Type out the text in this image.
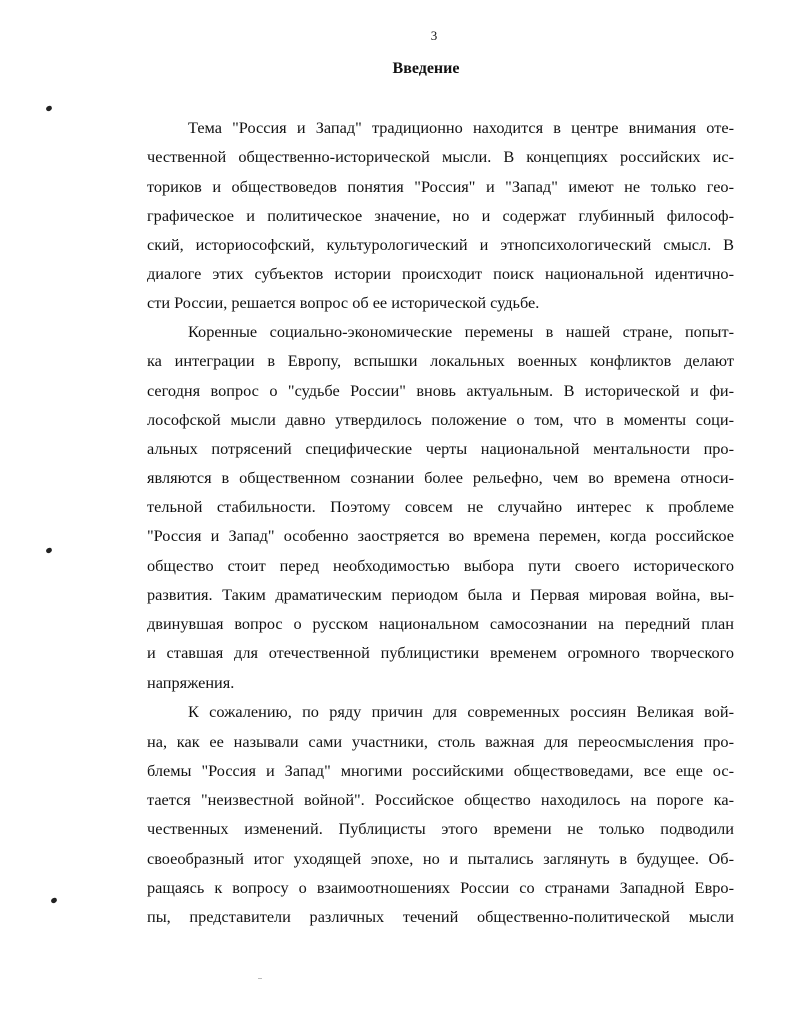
3
Введение
Тема "Россия и Запад" традиционно находится в центре внимания оте-
чественной общественно-исторической мысли. В концепциях российских ис-
ториков и обществоведов понятия "Россия" и "Запад" имеют не только гео-
графическое и политическое значение, но и содержат глубинный философ-
ский, историософский, культурологический и этнопсихологический смысл. В
диалоге этих субъектов истории происходит поиск национальной идентично-
сти России, решается вопрос об ее исторической судьбе.
Коренные социально-экономические перемены в нашей стране, попыт-
ка интеграции в Европу, вспышки локальных военных конфликтов делают
сегодня вопрос о "судьбе России" вновь актуальным. В исторической и фи-
лософской мысли давно утвердилось положение о том, что в моменты соци-
альных потрясений специфические черты национальной ментальности про-
являются в общественном сознании более рельефно, чем во времена относи-
тельной стабильности. Поэтому совсем не случайно интерес к проблеме
"Россия и Запад" особенно заостряется во времена перемен, когда российское
общество стоит перед необходимостью выбора пути своего исторического
развития. Таким драматическим периодом была и Первая мировая война, вы-
двинувшая вопрос о русском национальном самосознании на передний план
и ставшая для отечественной публицистики временем огромного творческого
напряжения.
К сожалению, по ряду причин для современных россиян Великая вой-
на, как ее называли сами участники, столь важная для переосмысления про-
блемы "Россия и Запад" многими российскими обществоведами, все еще ос-
тается "неизвестной войной". Российское общество находилось на пороге ка-
чественных изменений. Публицисты этого времени не только подводили
своеобразный итог уходящей эпохе, но и пытались заглянуть в будущее. Об-
ращаясь к вопросу о взаимоотношениях России со странами Западной Евро-
пы, представители различных течений общественно-политической мысли
